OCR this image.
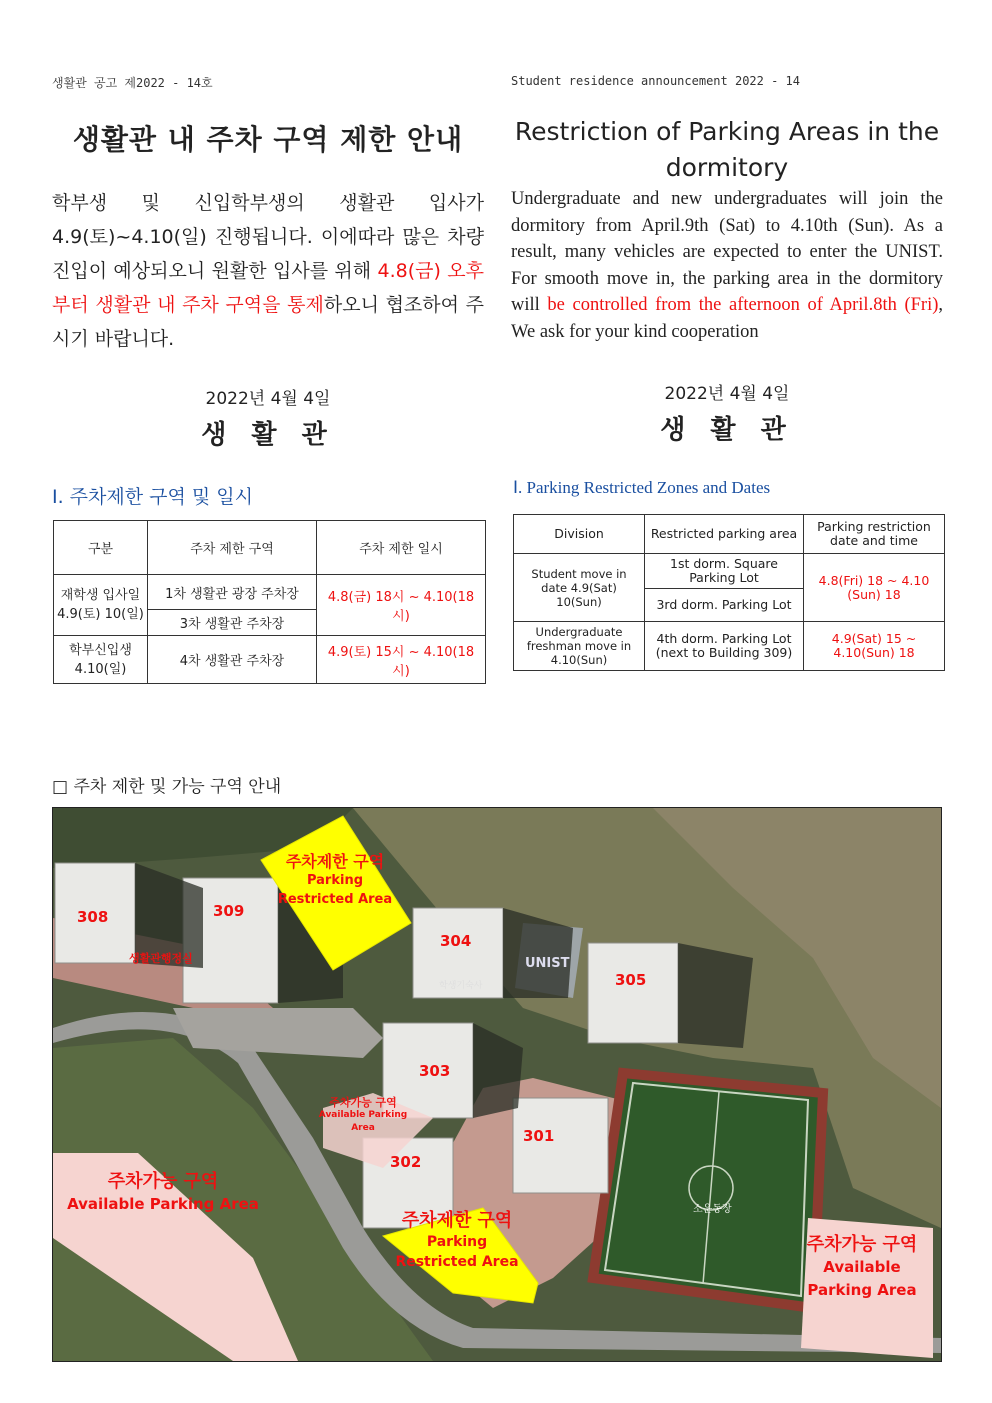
생활관 공고 제2022 - 14호	Student residence announcement 2022 - 14
생활관 내 주차 구역 제한 안내	Restriction of Parking Areas in the dormitory
학부생 및 신입학부생의 생활관 입사가 4.9(토)~4.10(일) 진행됩니다. 이에따라 많은 차량 진입이 예상되오니 원활한 입사를 위해 4.8(금) 오후부터 생활관 내 주차 구역을 통제하오니 협조하여 주시기 바랍니다.
Undergraduate and new undergraduates will join the dormitory from April.9th (Sat) to 4.10th (Sun). As a result, many vehicles are expected to enter the UNIST. For smooth move in, the parking area in the dormitory will be controlled from the afternoon of April.8th (Fri), We ask for your kind cooperation
2022년 4월 4일
생 활 관
2022년 4월 4일
생 활 관
Ⅰ. 주차제한 구역 및 일시	Ⅰ. Parking Restricted Zones and Dates
구분	주차 제한 구역	주차 제한 일시
재학생 입사일 4.9(토) 10(일)	1차 생활관 광장 주차장	4.8(금) 18시 ~ 4.10(18시)
	3차 생활관 주차장	
학부신입생 4.10(일)	4차 생활관 주차장	4.9(토) 15시 ~ 4.10(18시)
Division	Restricted parking area	Parking restriction date and time
Student move in date 4.9(Sat) 10(Sun)	1st dorm. Square Parking Lot	4.8(Fri) 18 ~ 4.10 (Sun) 18
	3rd dorm. Parking Lot	
Undergraduate freshman move in 4.10(Sun)	4th dorm. Parking Lot (next to Building 309)	4.9(Sat) 15 ~ 4.10(Sun) 18
□ 주차 제한 및 가능 구역 안내
주차제한 구역
Parking Restricted Area
주차제한 구역
Parking Restricted Area
주차가능 구역
Available Parking Area
주차가능 구역
Available Parking Area
주차가능 구역
Available Parking Area
308	309
304
305
303
301
302
생활관행정실
소운동장
UNIST
학생기숙사
